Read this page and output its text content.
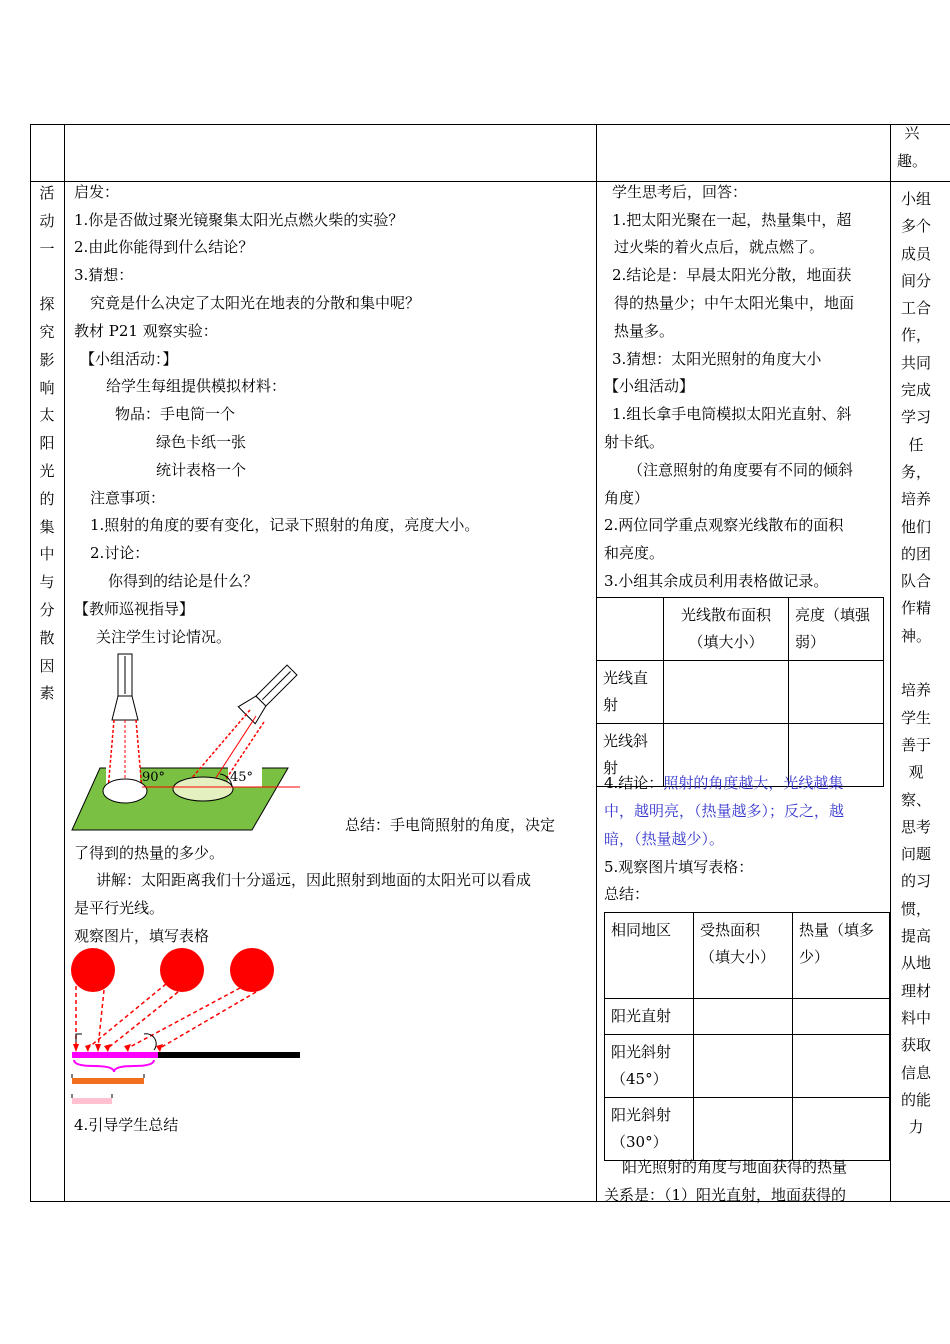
兴
趣。
活
动
一

探
究
影
响
太
阳
光
的
集
中
与
分
散
因
素
启发：
1.你是否做过聚光镜聚集太阳光点燃火柴的实验？
2.由此你能得到什么结论？
3.猜想：
究竟是什么决定了太阳光在地表的分散和集中呢？
教材 P21 观察实验：
【小组活动：】
给学生每组提供模拟材料：
物品：手电筒一个
绿色卡纸一张
统计表格一个
注意事项：
1.照射的角度的要有变化，记录下照射的角度，亮度大小。
2.讨论：
你得到的结论是什么？
【教师巡视指导】
关注学生讨论情况。
90°	45°
总结：手电筒照射的角度，决定
了得到的热量的多少。
讲解：太阳距离我们十分遥远，因此照射到地面的太阳光可以看成
是平行光线。
观察图片，填写表格
4.引导学生总结
学生思考后，回答：
1.把太阳光聚在一起，热量集中，超
过火柴的着火点后，就点燃了。
2.结论是：早晨太阳光分散，地面获
得的热量少；中午太阳光集中，地面
热量多。
3.猜想：太阳光照射的角度大小
【小组活动】
1.组长拿手电筒模拟太阳光直射、斜
射卡纸。
（注意照射的角度要有不同的倾斜
角度）
2.两位同学重点观察光线散布的面积
和亮度。
3.小组其余成员利用表格做记录。
	光线散布面积（填大小）	亮度（填强弱）
光线直射		
光线斜射		
4.结论：照射的角度越大，光线越集
中，越明亮，（热量越多）；反之，越
暗，（热量越少）。
5.观察图片填写表格：
总结：
相同地区	受热面积（填大小）	热量（填多少）
阳光直射		
阳光斜射（45°）		
阳光斜射（30°）		
阳光照射的角度与地面获得的热量
关系是：（1）阳光直射，地面获得的
小组
多个
成员
间分
工合
作，
共同
完成
学习
任
务，
培养
他们
的团
队合
作精
神。

培养
学生
善于
观
察、
思考
问题
的习
惯，
提高
从地
理材
料中
获取
信息
的能
力
